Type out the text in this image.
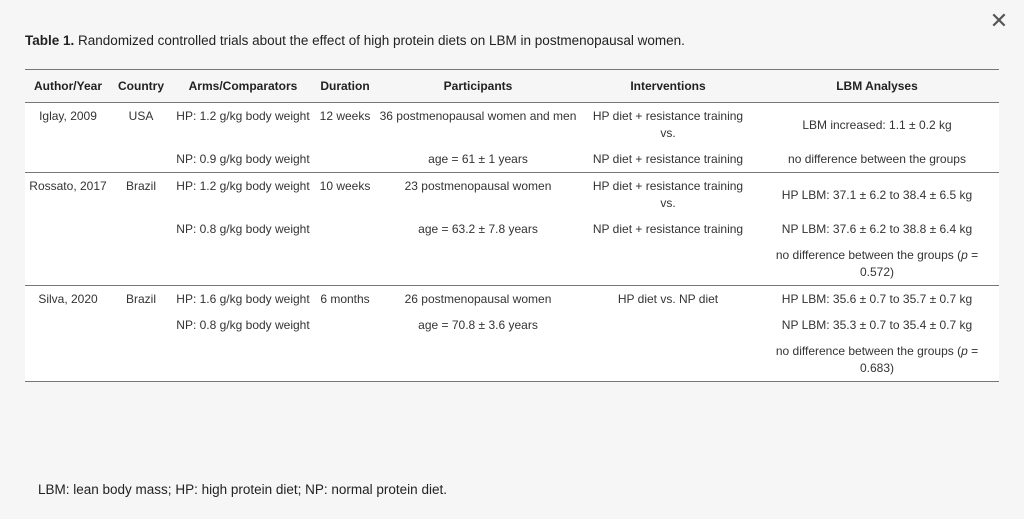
✕
Table 1. Randomized controlled trials about the effect of high protein diets on LBM in postmenopausal women.
Author/Year	Country	Arms/Comparators	Duration	Participants	Interventions	LBM Analyses
Iglay, 2009	USA	HP: 1.2 g/kg body weight	12 weeks	36 postmenopausal women and men	HP diet + resistance training vs.	LBM increased: 1.1 ± 0.2 kg
		NP: 0.9 g/kg body weight		age = 61 ± 1 years	NP diet + resistance training	no difference between the groups
Rossato, 2017	Brazil	HP: 1.2 g/kg body weight	10 weeks	23 postmenopausal women	HP diet + resistance training vs.	HP LBM: 37.1 ± 6.2 to 38.4 ± 6.5 kg
		NP: 0.8 g/kg body weight		age = 63.2 ± 7.8 years	NP diet + resistance training	NP LBM: 37.6 ± 6.2 to 38.8 ± 6.4 kg
						no difference between the groups (p = 0.572)
Silva, 2020	Brazil	HP: 1.6 g/kg body weight	6 months	26 postmenopausal women	HP diet vs. NP diet	HP LBM: 35.6 ± 0.7 to 35.7 ± 0.7 kg
		NP: 0.8 g/kg body weight		age = 70.8 ± 3.6 years		NP LBM: 35.3 ± 0.7 to 35.4 ± 0.7 kg
						no difference between the groups (p = 0.683)
LBM: lean body mass; HP: high protein diet; NP: normal protein diet.
